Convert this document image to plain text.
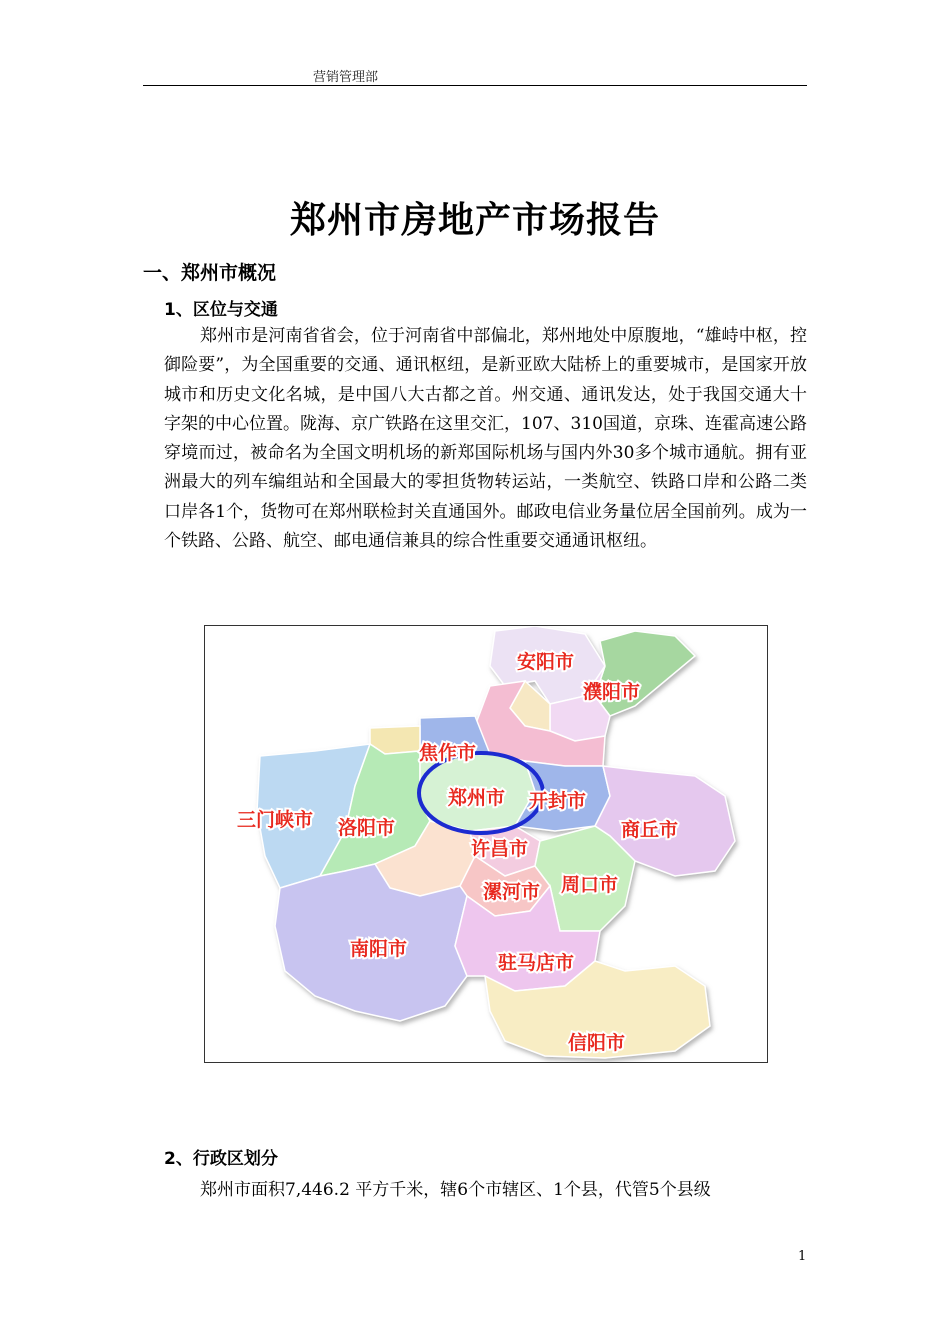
营销管理部
郑州市房地产市场报告
一、郑州市概况
1、区位与交通

郑州市是河南省省会，位于河南省中部偏北，郑州地处中原腹地，“雄峙中枢，控御险要”，为全国重要的交通、通讯枢纽，是新亚欧大陆桥上的重要城市，是国家开放城市和历史文化名城，是中国八大古都之首。州交通、通讯发达，处于我国交通大十字架的中心位置。陇海、京广铁路在这里交汇，107、310国道，京珠、连霍高速公路穿境而过，被命名为全国文明机场的新郑国际机场与国内外30多个城市通航。拥有亚洲最大的列车编组站和全国最大的零担货物转运站，一类航空、铁路口岸和公路二类口岸各1个，货物可在郑州联检封关直通国外。邮政电信业务量位居全国前列。成为一个铁路、公路、航空、邮电通信兼具的综合性重要交通通讯枢纽。

安阳市
濮阳市
焦作市
郑州市 开封市
三门峡市 洛阳市	商丘市
许昌市
漯河市 周口市
南阳市
驻马店市
信阳市
2、行政区划分

郑州市面积7,446.2 平方千米，辖6个市辖区、1个县，代管5个县级

1
